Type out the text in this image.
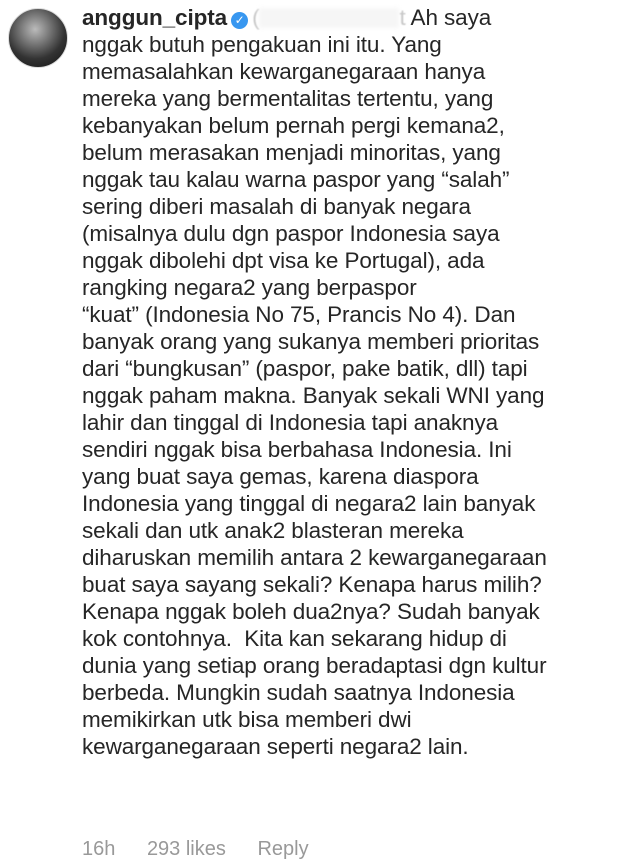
anggun_cipta ✓ (	t Ah saya
nggak butuh pengakuan ini itu. Yang
memasalahkan kewarganegaraan hanya
mereka yang bermentalitas tertentu, yang
kebanyakan belum pernah pergi kemana2,
belum merasakan menjadi minoritas, yang
nggak tau kalau warna paspor yang “salah”
sering diberi masalah di banyak negara
(misalnya dulu dgn paspor Indonesia saya
nggak dibolehi dpt visa ke Portugal), ada
rangking negara2 yang berpaspor
“kuat” (Indonesia No 75, Prancis No 4). Dan
banyak orang yang sukanya memberi prioritas
dari “bungkusan” (paspor, pake batik, dll) tapi
nggak paham makna. Banyak sekali WNI yang
lahir dan tinggal di Indonesia tapi anaknya
sendiri nggak bisa berbahasa Indonesia. Ini
yang buat saya gemas, karena diaspora
Indonesia yang tinggal di negara2 lain banyak
sekali dan utk anak2 blasteran mereka
diharuskan memilih antara 2 kewarganegaraan
buat saya sayang sekali? Kenapa harus milih?
Kenapa nggak boleh dua2nya? Sudah banyak
kok contohnya.  Kita kan sekarang hidup di
dunia yang setiap orang beradaptasi dgn kultur
berbeda. Mungkin sudah saatnya Indonesia
memikirkan utk bisa memberi dwi
kewarganegaraan seperti negara2 lain.
16h 293 likes Reply
